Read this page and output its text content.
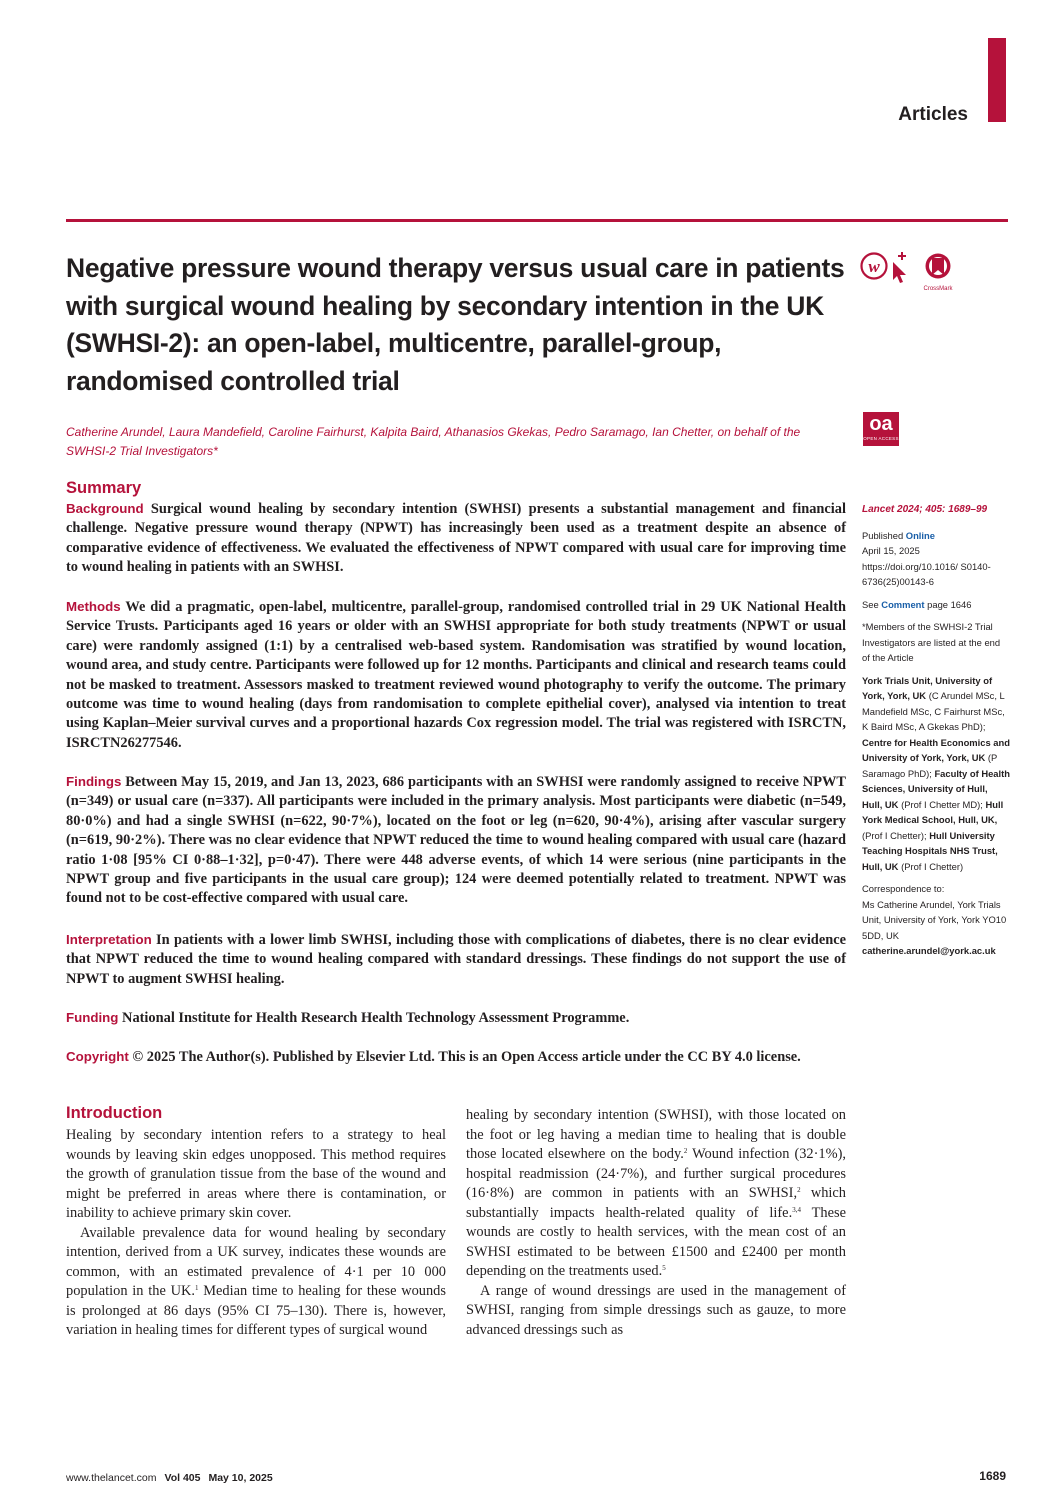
Articles
Negative pressure wound therapy versus usual care in patients with surgical wound healing by secondary intention in the UK (SWHSI-2): an open-label, multicentre, parallel-group, randomised controlled trial
w
CrossMark
oa
OPEN ACCESS

Catherine Arundel, Laura Mandefield, Caroline Fairhurst, Kalpita Baird, Athanasios Gkekas, Pedro Saramago, Ian Chetter, on behalf of the SWHSI-2 Trial Investigators*

Summary

Background Surgical wound healing by secondary intention (SWHSI) presents a substantial management and financial challenge. Negative pressure wound therapy (NPWT) has increasingly been used as a treatment despite an absence of comparative evidence of effectiveness. We evaluated the effectiveness of NPWT compared with usual care for improving time to wound healing in patients with an SWHSI.

Methods We did a pragmatic, open-label, multicentre, parallel-group, randomised controlled trial in 29 UK National Health Service Trusts. Participants aged 16 years or older with an SWHSI appropriate for both study treatments (NPWT or usual care) were randomly assigned (1:1) by a centralised web-based system. Randomisation was stratified by wound location, wound area, and study centre. Participants were followed up for 12 months. Participants and clinical and research teams could not be masked to treatment. Assessors masked to treatment reviewed wound photography to verify the outcome. The primary outcome was time to wound healing (days from randomisation to complete epithelial cover), analysed via intention to treat using Kaplan–Meier survival curves and a proportional hazards Cox regression model. The trial was registered with ISRCTN, ISRCTN26277546.

Findings Between May 15, 2019, and Jan 13, 2023, 686 participants with an SWHSI were randomly assigned to receive NPWT (n=349) or usual care (n=337). All participants were included in the primary analysis. Most participants were diabetic (n=549, 80·0%) and had a single SWHSI (n=622, 90·7%), located on the foot or leg (n=620, 90·4%), arising after vascular surgery (n=619, 90·2%). There was no clear evidence that NPWT reduced the time to wound healing compared with usual care (hazard ratio 1·08 [95% CI 0·88–1·32], p=0·47). There were 448 adverse events, of which 14 were serious (nine participants in the NPWT group and five participants in the usual care group); 124 were deemed potentially related to treatment. NPWT was found not to be cost-effective compared with usual care.

Interpretation In patients with a lower limb SWHSI, including those with complications of diabetes, there is no clear evidence that NPWT reduced the time to wound healing compared with standard dressings. These findings do not support the use of NPWT to augment SWHSI healing.

Funding National Institute for Health Research Health Technology Assessment Programme.

Copyright © 2025 The Author(s). Published by Elsevier Ltd. This is an Open Access article under the CC BY 4.0 license.

Lancet 2024; 405: 1689–99

Published Online
April 15, 2025 https://doi.org/10.1016/ S0140-6736(25)00143-6

See Comment page 1646

*Members of the SWHSI-2 Trial Investigators are listed at the end of the Article

York Trials Unit, University of York, York, UK (C Arundel MSc, L Mandefield MSc, C Fairhurst MSc, K Baird MSc, A Gkekas PhD); Centre for Health Economics and University of York, York, UK (P Saramago PhD); Faculty of Health Sciences, University of Hull, Hull, UK (Prof I Chetter MD); Hull York Medical School, Hull, UK, (Prof I Chetter); Hull University Teaching Hospitals NHS Trust, Hull, UK (Prof I Chetter)

Correspondence to:
Ms Catherine Arundel, York Trials Unit, University of York, York YO10 5DD, UK
catherine.arundel@york.ac.uk

Introduction

Healing by secondary intention refers to a strategy to heal wounds by leaving skin edges unopposed. This method requires the growth of granulation tissue from the base of the wound and might be preferred in areas where there is contamination, or inability to achieve primary skin cover.

Available prevalence data for wound healing by secondary intention, derived from a UK survey, indicates these wounds are common, with an estimated prevalence of 4·1 per 10 000 population in the UK.$^1$ Median time to healing for these wounds is prolonged at 86 days (95% CI 75–130). There is, however, variation in healing times for different types of surgical wound

healing by secondary intention (SWHSI), with those located on the foot or leg having a median time to healing that is double those located elsewhere on the body.$^2$ Wound infection (32·1%), hospital readmission (24·7%), and further surgical procedures (16·8%) are common in patients with an SWHSI,$^2$ which substantially impacts health-related quality of life.$^{3,4}$ These wounds are costly to health services, with the mean cost of an SWHSI estimated to be between £1500 and £2400 per month depending on the treatments used.$^5$

A range of wound dressings are used in the management of SWHSI, ranging from simple dressings such as gauze, to more advanced dressings such as

www.thelancet.com Vol 405 May 10, 2025	1689
